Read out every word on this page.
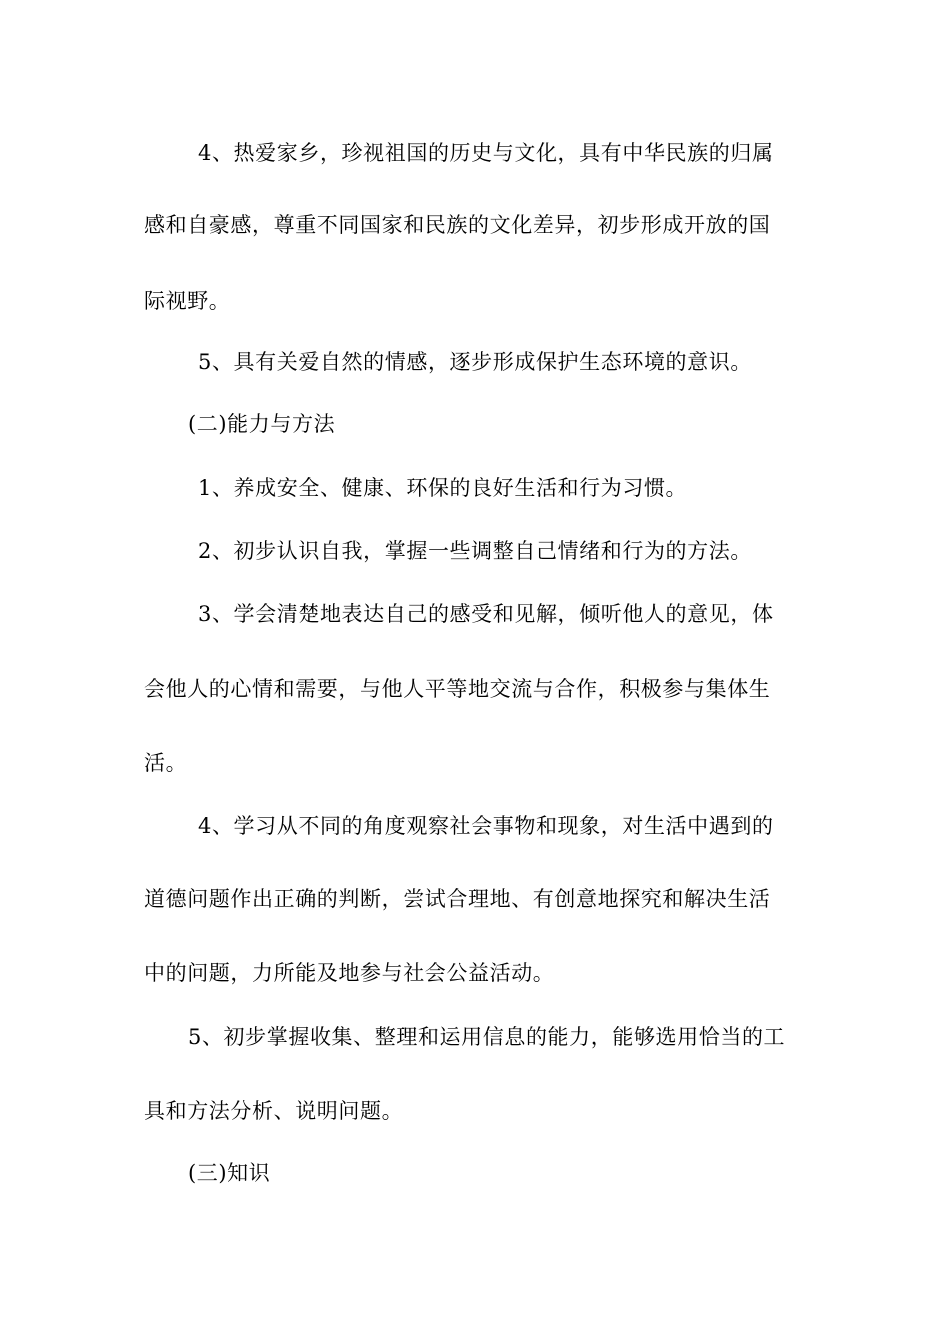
4、热爱家乡，珍视祖国的历史与文化，具有中华民族的归属
感和自豪感，尊重不同国家和民族的文化差异，初步形成开放的国
际视野。
5、具有关爱自然的情感，逐步形成保护生态环境的意识。
(二)能力与方法
1、养成安全、健康、环保的良好生活和行为习惯。
2、初步认识自我，掌握一些调整自己情绪和行为的方法。
3、学会清楚地表达自己的感受和见解，倾听他人的意见，体
会他人的心情和需要，与他人平等地交流与合作，积极参与集体生
活。
4、学习从不同的角度观察社会事物和现象，对生活中遇到的
道德问题作出正确的判断，尝试合理地、有创意地探究和解决生活
中的问题，力所能及地参与社会公益活动。
5、初步掌握收集、整理和运用信息的能力，能够选用恰当的工
具和方法分析、说明问题。
(三)知识
